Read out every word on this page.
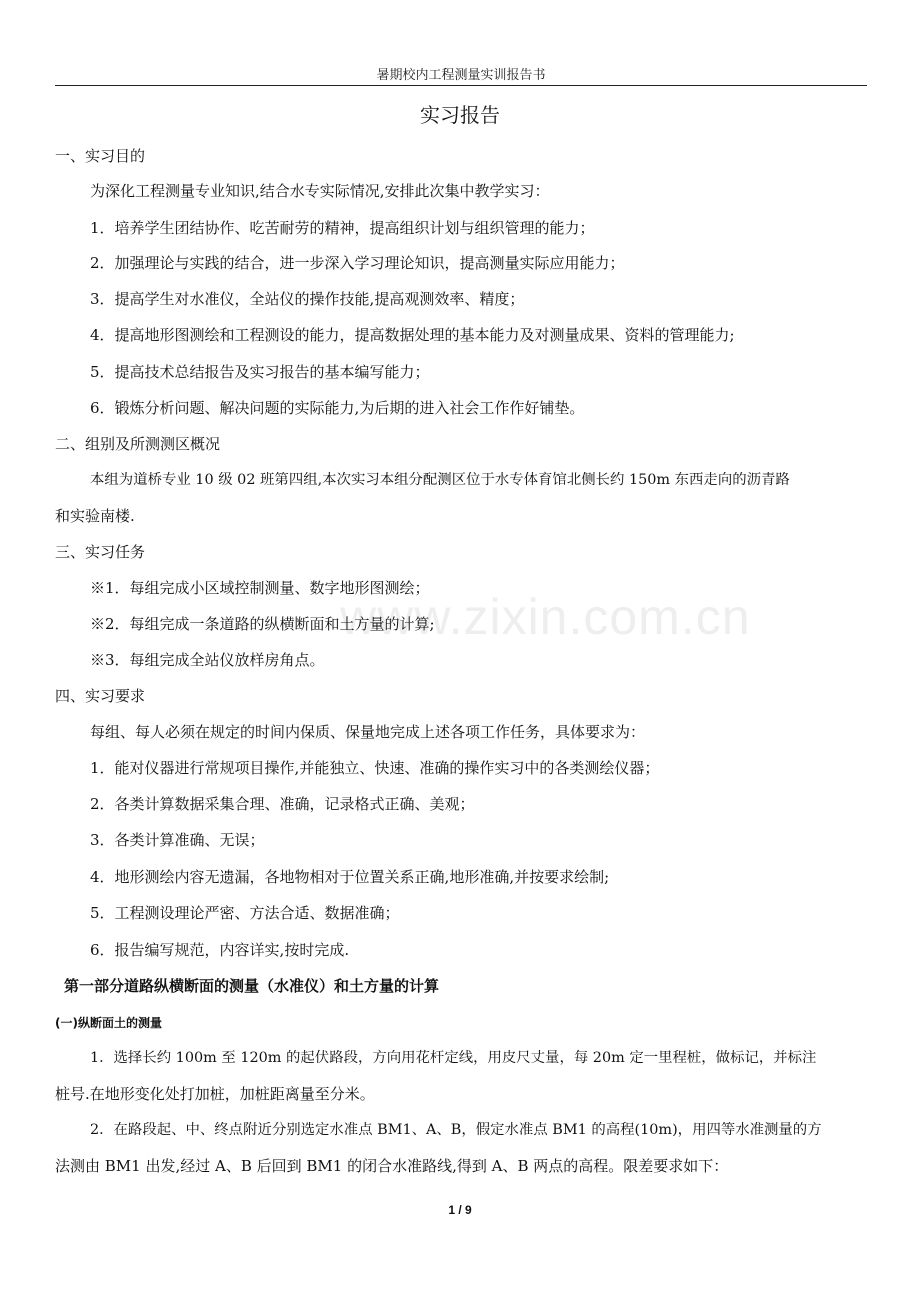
暑期校内工程测量实训报告书
实习报告
一、实习目的
为深化工程测量专业知识,结合水专实际情况,安排此次集中教学实习：
1．培养学生团结协作、吃苦耐劳的精神，提高组织计划与组织管理的能力；
2．加强理论与实践的结合，进一步深入学习理论知识，提高测量实际应用能力；
3．提高学生对水准仪，全站仪的操作技能,提高观测效率、精度；
4．提高地形图测绘和工程测设的能力，提高数据处理的基本能力及对测量成果、资料的管理能力;
5．提高技术总结报告及实习报告的基本编写能力；
6．锻炼分析问题、解决问题的实际能力,为后期的进入社会工作作好铺垫。
二、组别及所测测区概况
本组为道桥专业 10 级 02 班第四组,本次实习本组分配测区位于水专体育馆北侧长约 150m 东西走向的沥青路
和实验南楼.
三、实习任务
※1．每组完成小区域控制测量、数字地形图测绘；
※2．每组完成一条道路的纵横断面和土方量的计算;
※3．每组完成全站仪放样房角点。
四、实习要求
每组、每人必须在规定的时间内保质、保量地完成上述各项工作任务，具体要求为：
1．能对仪器进行常规项目操作,并能独立、快速、准确的操作实习中的各类测绘仪器；
2．各类计算数据采集合理、准确，记录格式正确、美观；
3．各类计算准确、无误；
4．地形测绘内容无遗漏，各地物相对于位置关系正确,地形准确,并按要求绘制;
5．工程测设理论严密、方法合适、数据准确；
6．报告编写规范，内容详实,按时完成.
第一部分道路纵横断面的测量（水准仪）和土方量的计算
(一)纵断面土的测量
1．选择长约 100m 至 120m 的起伏路段，方向用花杆定线，用皮尺丈量，每 20m 定一里程桩，做标记，并标注
桩号.在地形变化处打加桩，加桩距离量至分米。
2．在路段起、中、终点附近分别选定水准点 BM1、A、B，假定水准点 BM1 的高程(10m)，用四等水准测量的方
法测由 BM1 出发,经过 A、B 后回到 BM1 的闭合水准路线,得到 A、B 两点的高程。限差要求如下：
www.zixin.com.cn
1 / 9
